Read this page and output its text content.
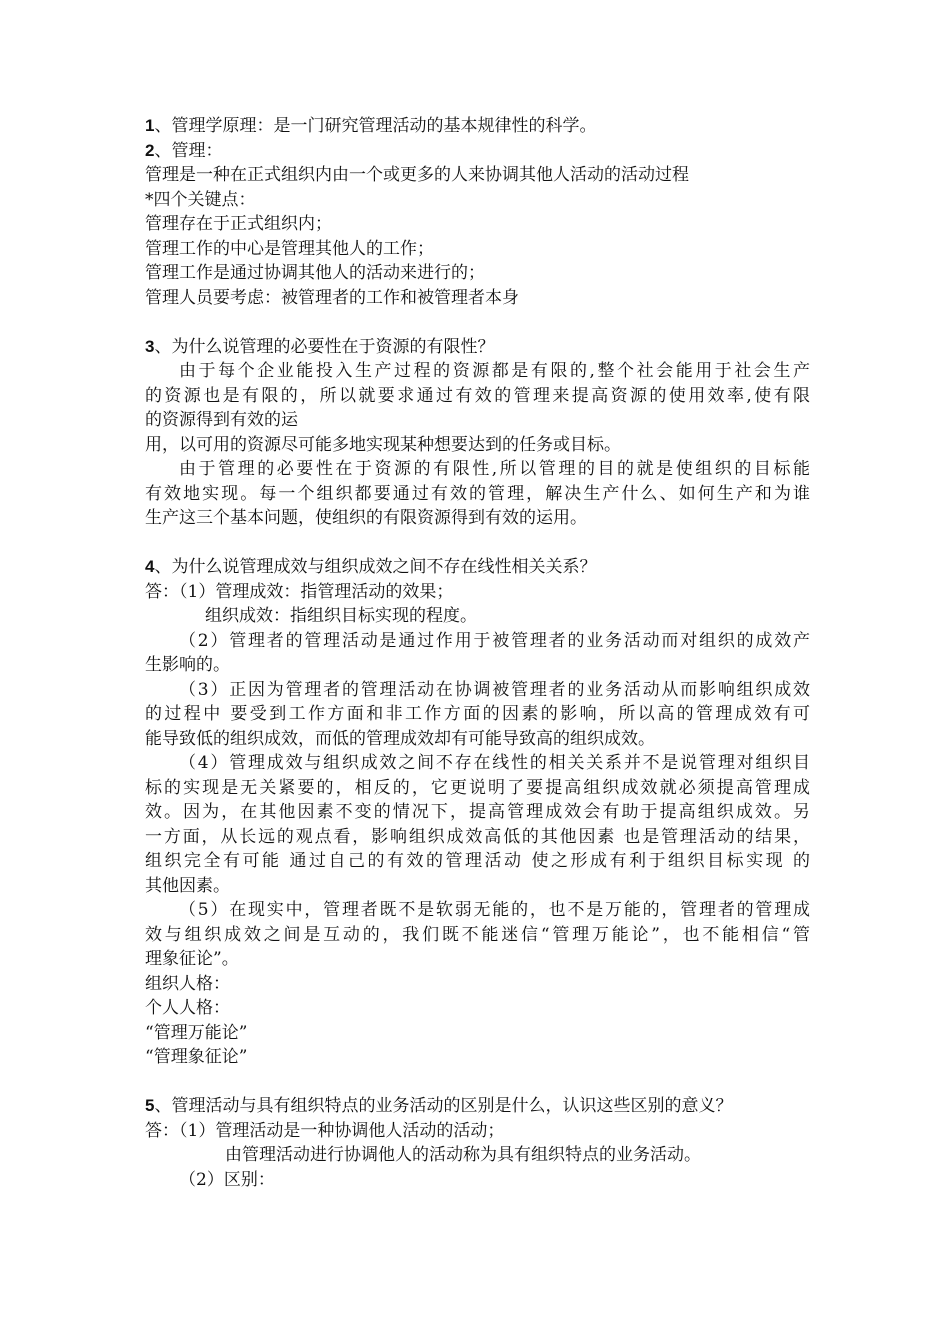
1、管理学原理：是一门研究管理活动的基本规律性的科学。
2、管理：
管理是一种在正式组织内由一个或更多的人来协调其他人活动的活动过程
*四个关键点：
管理存在于正式组织内；
管理工作的中心是管理其他人的工作；
管理工作是通过协调其他人的活动来进行的；
管理人员要考虑：被管理者的工作和被管理者本身
3、为什么说管理的必要性在于资源的有限性？
由于每个企业能投入生产过程的资源都是有限的,整个社会能用于社会生产
的资源也是有限的，所以就要求通过有效的管理来提高资源的使用效率,使有限
的资源得到有效的运
用，以可用的资源尽可能多地实现某种想要达到的任务或目标。
由于管理的必要性在于资源的有限性,所以管理的目的就是使组织的目标能
有效地实现。每一个组织都要通过有效的管理，解决生产什么、如何生产和为谁
生产这三个基本问题，使组织的有限资源得到有效的运用。
4、为什么说管理成效与组织成效之间不存在线性相关关系？
答：（1）管理成效：指管理活动的效果；
组织成效：指组织目标实现的程度。
（2）管理者的管理活动是通过作用于被管理者的业务活动而对组织的成效产
生影响的。
（3）正因为管理者的管理活动在协调被管理者的业务活动从而影响组织成效
的过程中 要受到工作方面和非工作方面的因素的影响，所以高的管理成效有可
能导致低的组织成效，而低的管理成效却有可能导致高的组织成效。
（4）管理成效与组织成效之间不存在线性的相关关系并不是说管理对组织目
标的实现是无关紧要的，相反的，它更说明了要提高组织成效就必须提高管理成
效。因为，在其他因素不变的情况下，提高管理成效会有助于提高组织成效。另
一方面，从长远的观点看，影响组织成效高低的其他因素 也是管理活动的结果，
组织完全有可能 通过自己的有效的管理活动 使之形成有利于组织目标实现 的
其他因素。
（5）在现实中，管理者既不是软弱无能的，也不是万能的，管理者的管理成
效与组织成效之间是互动的，我们既不能迷信“管理万能论”，也不能相信“管
理象征论”。
组织人格：
个人人格：
“管理万能论”
“管理象征论”
5、管理活动与具有组织特点的业务活动的区别是什么，认识这些区别的意义？
答：（1）管理活动是一种协调他人活动的活动；
由管理活动进行协调他人的活动称为具有组织特点的业务活动。
（2）区别：
